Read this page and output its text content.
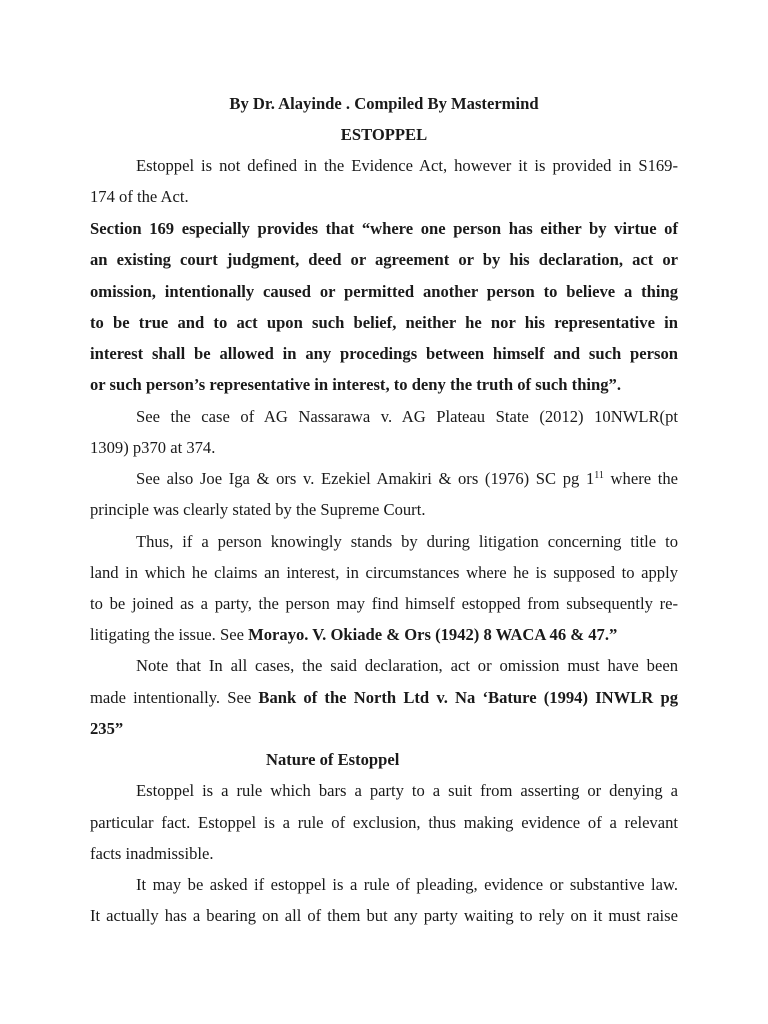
By Dr. Alayinde . Compiled By Mastermind
ESTOPPEL
Estoppel is not defined in the Evidence Act, however it is provided in S169-
174 of the Act.
Section 169 especially provides that “where one person has either by virtue of
an existing court judgment, deed or agreement or by his declaration, act or
omission, intentionally caused or permitted another person to believe a thing
to be true and to act upon such belief, neither he nor his representative in
interest shall be allowed in any procedings between himself and such person
or such person’s representative in interest, to deny the truth of such thing”.
See the case of AG Nassarawa v. AG Plateau State (2012) 10NWLR(pt
1309) p370 at 374.
See also Joe Iga & ors v. Ezekiel Amakiri & ors (1976) SC pg $1^{11}$ where the
principle was clearly stated by the Supreme Court.
Thus, if a person knowingly stands by during litigation concerning title to
land in which he claims an interest, in circumstances where he is supposed to apply
to be joined as a party, the person may find himself estopped from subsequently re-
litigating the issue. See Morayo. V. Okiade & Ors (1942) 8 WACA 46 & 47.”
Note that In all cases, the said declaration, act or omission must have been
made intentionally. See Bank of the North Ltd v. Na ‘Bature (1994) INWLR pg
235”
Nature of Estoppel
Estoppel is a rule which bars a party to a suit from asserting or denying a
particular fact. Estoppel is a rule of exclusion, thus making evidence of a relevant
facts inadmissible.
It may be asked if estoppel is a rule of pleading, evidence or substantive law.
It actually has a bearing on all of them but any party waiting to rely on it must raise
